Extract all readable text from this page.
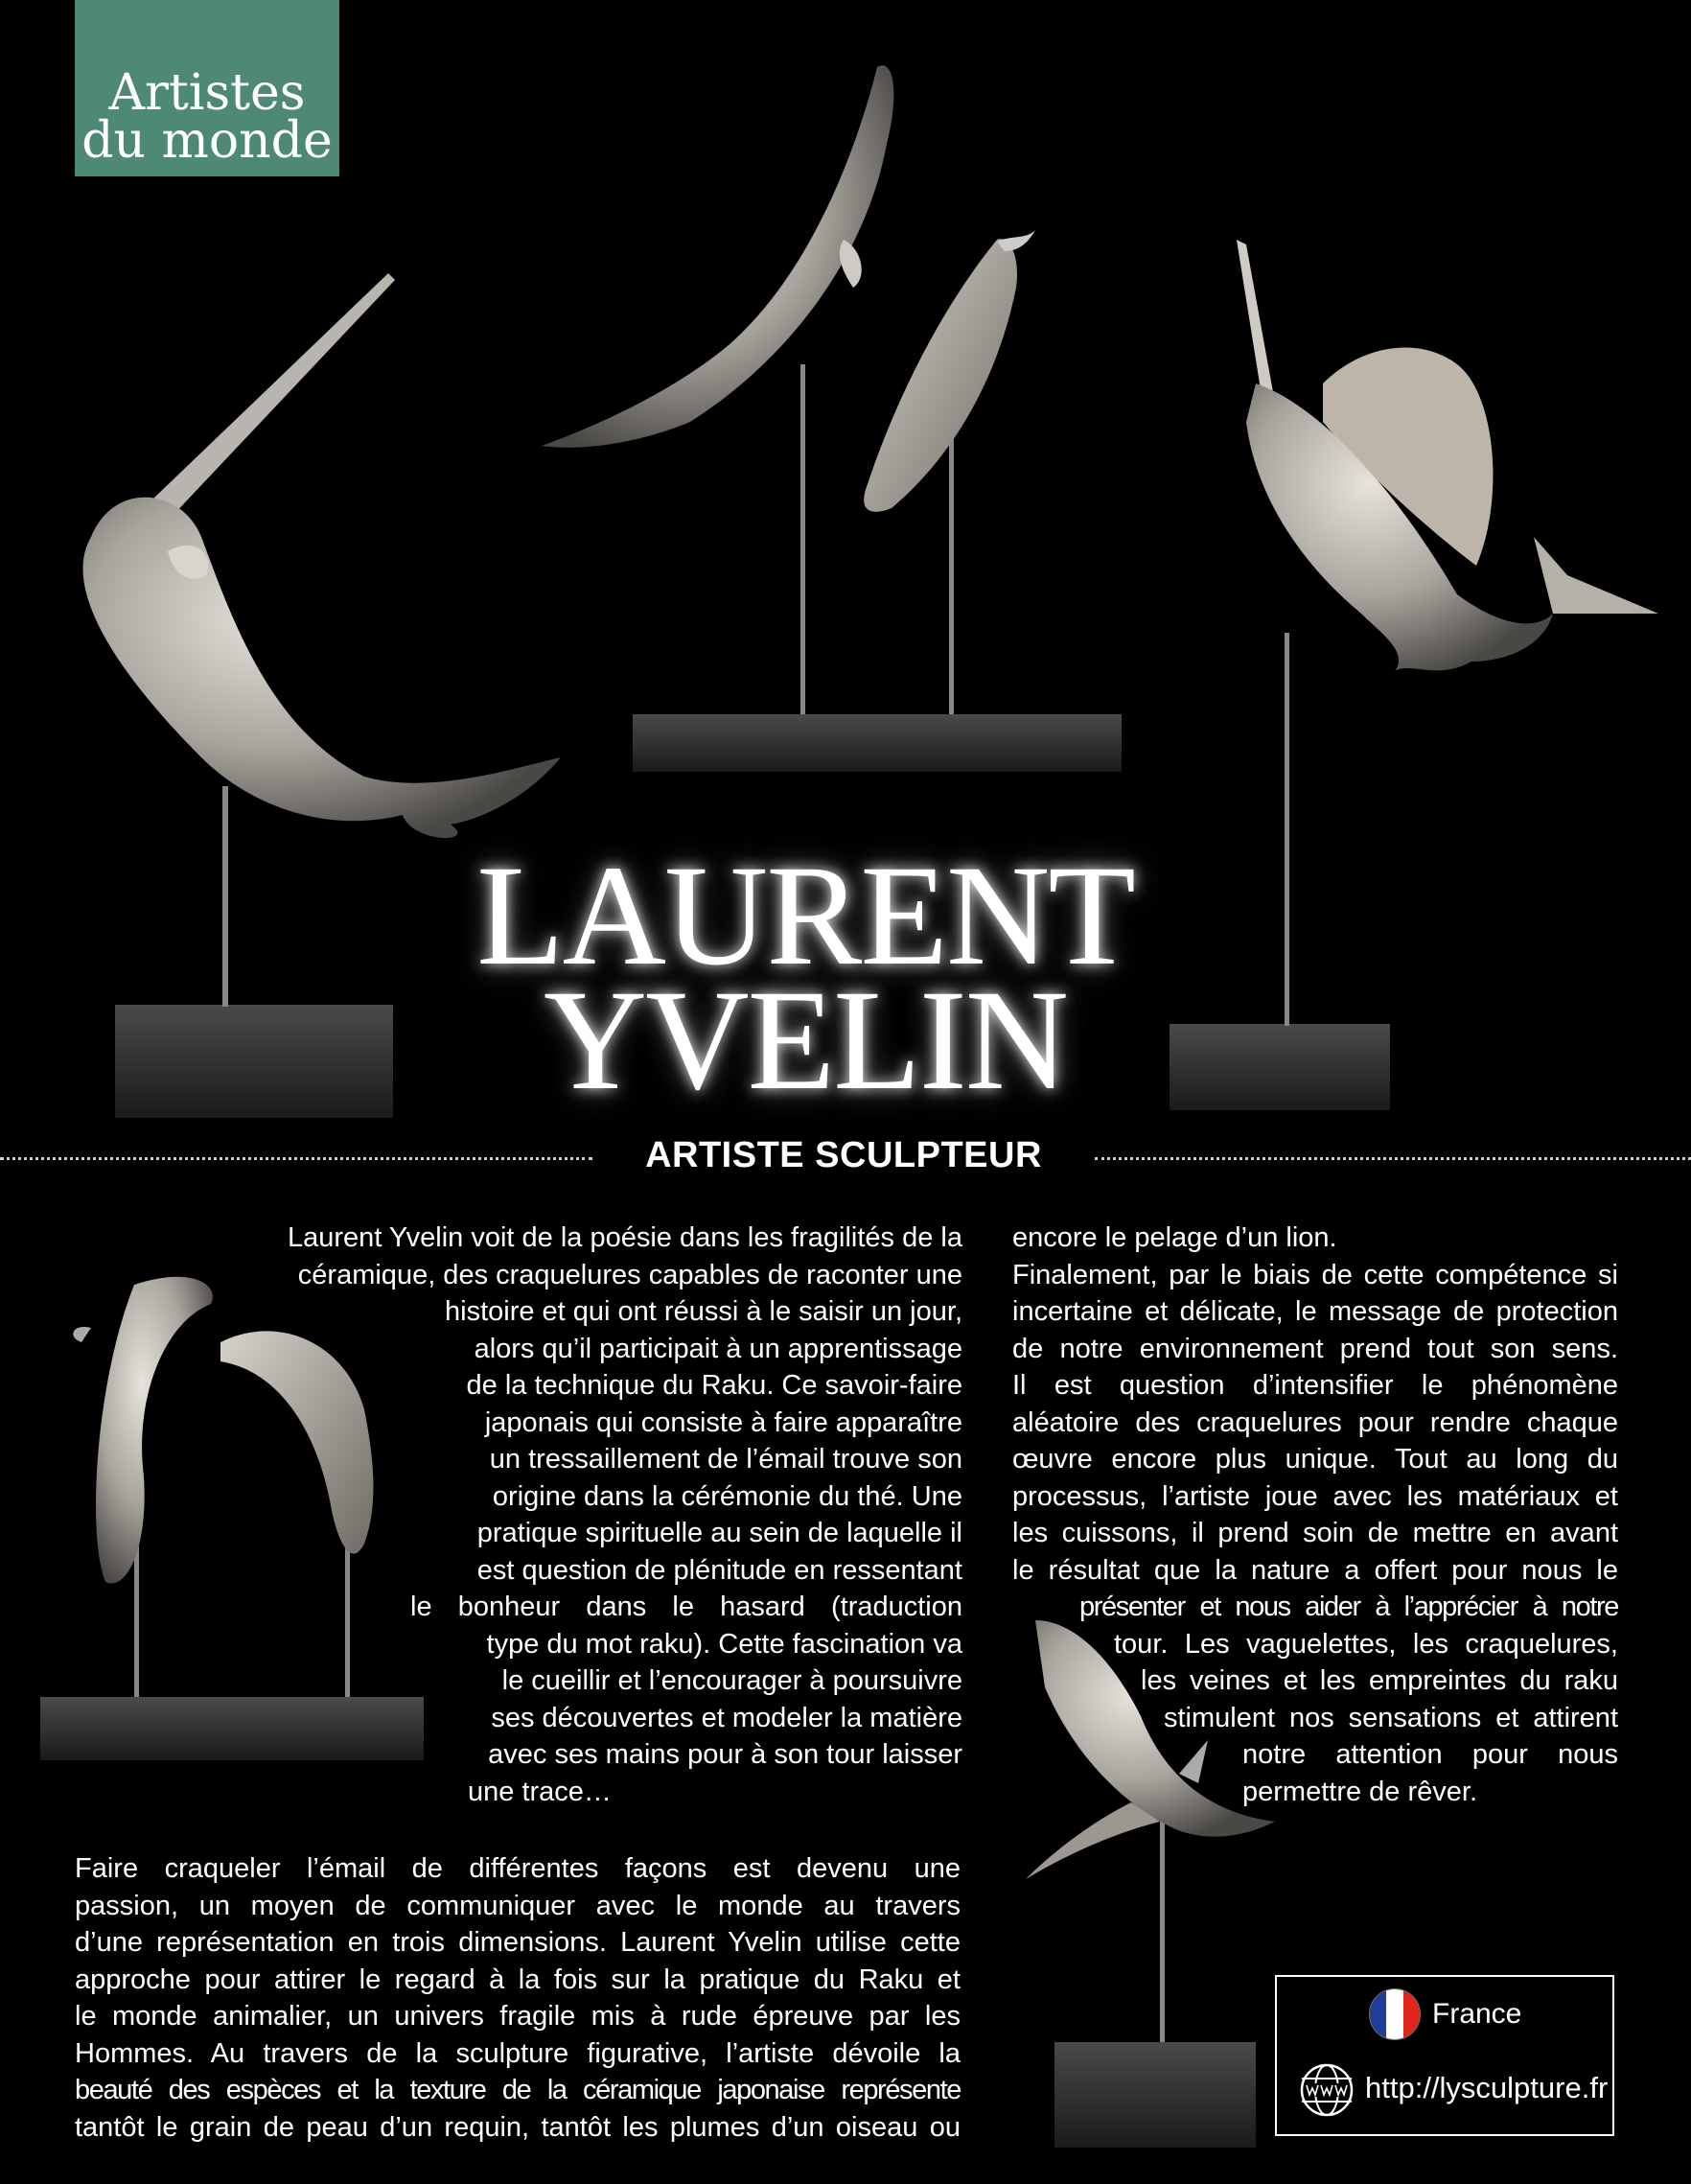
Artistes
du monde
LAURENT
YVELIN
ARTISTE SCULPTEUR
Laurent Yvelin voit de la poésie dans les fragilités de la
céramique, des craquelures capables de raconter une
histoire et qui ont réussi à le saisir un jour,
alors qu’il participait à un apprentissage
de la technique du Raku. Ce savoir-faire
japonais qui consiste à faire apparaître
un tressaillement de l’émail trouve son
origine dans la cérémonie du thé. Une
pratique spirituelle au sein de laquelle il
est question de plénitude en ressentant
le bonheur dans le hasard (traduction
type du mot raku). Cette fascination va
le cueillir et l’encourager à poursuivre
ses découvertes et modeler la matière
avec ses mains pour à son tour laisser
une trace…
Faire craqueler l’émail de différentes façons est devenu une
passion, un moyen de communiquer avec le monde au travers
d’une représentation en trois dimensions. Laurent Yvelin utilise cette
approche pour attirer le regard à la fois sur la pratique du Raku et
le monde animalier, un univers fragile mis à rude épreuve par les
Hommes. Au travers de la sculpture figurative, l’artiste dévoile la
beauté des espèces et la texture de la céramique japonaise représente
tantôt le grain de peau d’un requin, tantôt les plumes d’un oiseau ou
encore le pelage d’un lion.
Finalement, par le biais de cette compétence si
incertaine et délicate, le message de protection
de notre environnement prend tout son sens.
Il est question d’intensifier le phénomène
aléatoire des craquelures pour rendre chaque
œuvre encore plus unique. Tout au long du
processus, l’artiste joue avec les matériaux et
les cuissons, il prend soin de mettre en avant
le résultat que la nature a offert pour nous le
présenter et nous aider à l’apprécier à notre
tour. Les vaguelettes, les craquelures,
les veines et les empreintes du raku
stimulent nos sensations et attirent
notre attention pour nous
permettre de rêver.
France
http://lysculpture.fr
